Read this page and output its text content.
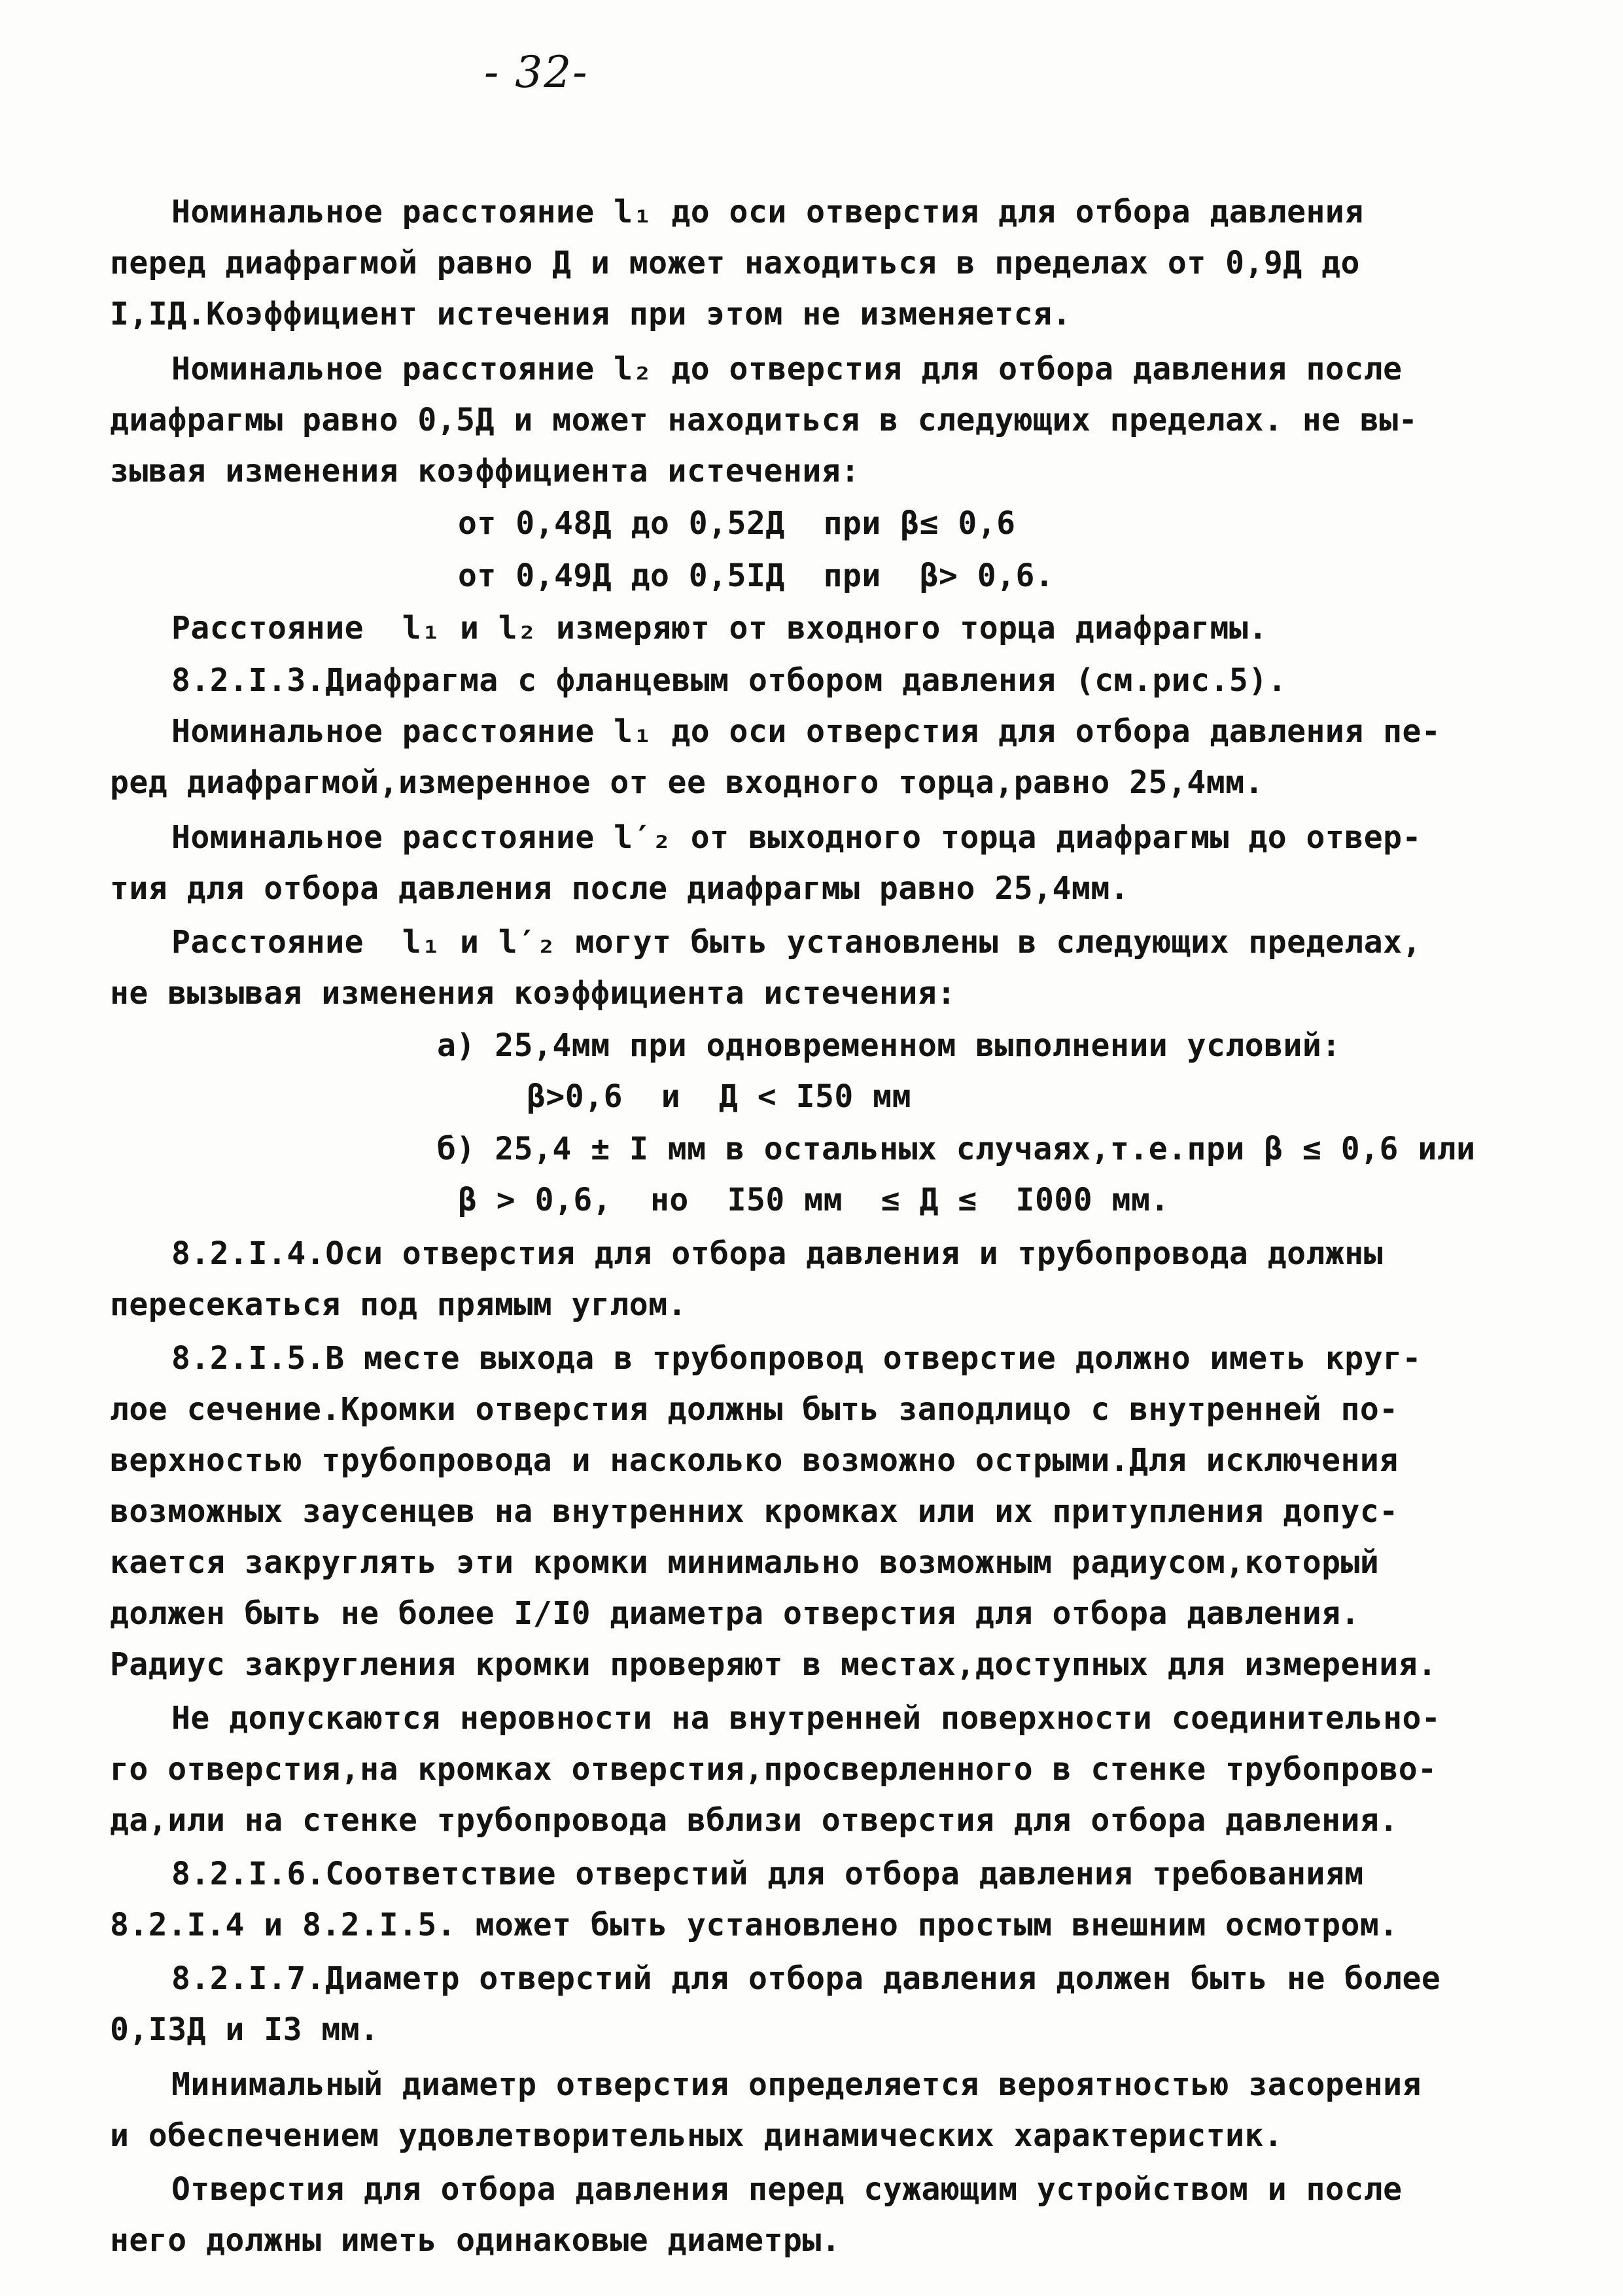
- 32-
Номинальное расстояние l₁ до оси отверстия для отбора давления
перед диафрагмой равно Д и может находиться в пределах от 0,9Д до
I,IД.Коэффициент истечения при этом не изменяется.
Номинальное расстояние l₂ до отверстия для отбора давления после
диафрагмы равно 0,5Д и может находиться в следующих пределах. не вы-
зывая изменения коэффициента истечения:
от 0,48Д до 0,52Д  при β≤ 0,6
от 0,49Д до 0,5IД  при  β> 0,6.
Расстояние  l₁ и l₂ измеряют от входного торца диафрагмы.
8.2.I.3.Диафрагма с фланцевым отбором давления (см.рис.5).
Номинальное расстояние l₁ до оси отверстия для отбора давления пе-
ред диафрагмой,измеренное от ее входного торца,равно 25,4мм.
Номинальное расстояние l′₂ от выходного торца диафрагмы до отвер-
тия для отбора давления после диафрагмы равно 25,4мм.
Расстояние  l₁ и l′₂ могут быть установлены в следующих пределах,
не вызывая изменения коэффициента истечения:
а) 25,4мм при одновременном выполнении условий:
β>0,6  и  Д < I50 мм
б) 25,4 ± I мм в остальных случаях,т.е.при β ≤ 0,6 или
β > 0,6,  но  I50 мм  ≤ Д ≤  I000 мм.
8.2.I.4.Оси отверстия для отбора давления и трубопровода должны
пересекаться под прямым углом.
8.2.I.5.В месте выхода в трубопровод отверстие должно иметь круг-
лое сечение.Кромки отверстия должны быть заподлицо с внутренней по-
верхностью трубопровода и насколько возможно острыми.Для исключения
возможных заусенцев на внутренних кромках или их притупления допус-
кается закруглять эти кромки минимально возможным радиусом,который
должен быть не более I/I0 диаметра отверстия для отбора давления.
Радиус закругления кромки проверяют в местах,доступных для измерения.
Не допускаются неровности на внутренней поверхности соединительно-
го отверстия,на кромках отверстия,просверленного в стенке трубопрово-
да,или на стенке трубопровода вблизи отверстия для отбора давления.
8.2.I.6.Соответствие отверстий для отбора давления требованиям
8.2.I.4 и 8.2.I.5. может быть установлено простым внешним осмотром.
8.2.I.7.Диаметр отверстий для отбора давления должен быть не более
0,I3Д и I3 мм.
Минимальный диаметр отверстия определяется вероятностью засорения
и обеспечением удовлетворительных динамических характеристик.
Отверстия для отбора давления перед сужающим устройством и после
него должны иметь одинаковые диаметры.
